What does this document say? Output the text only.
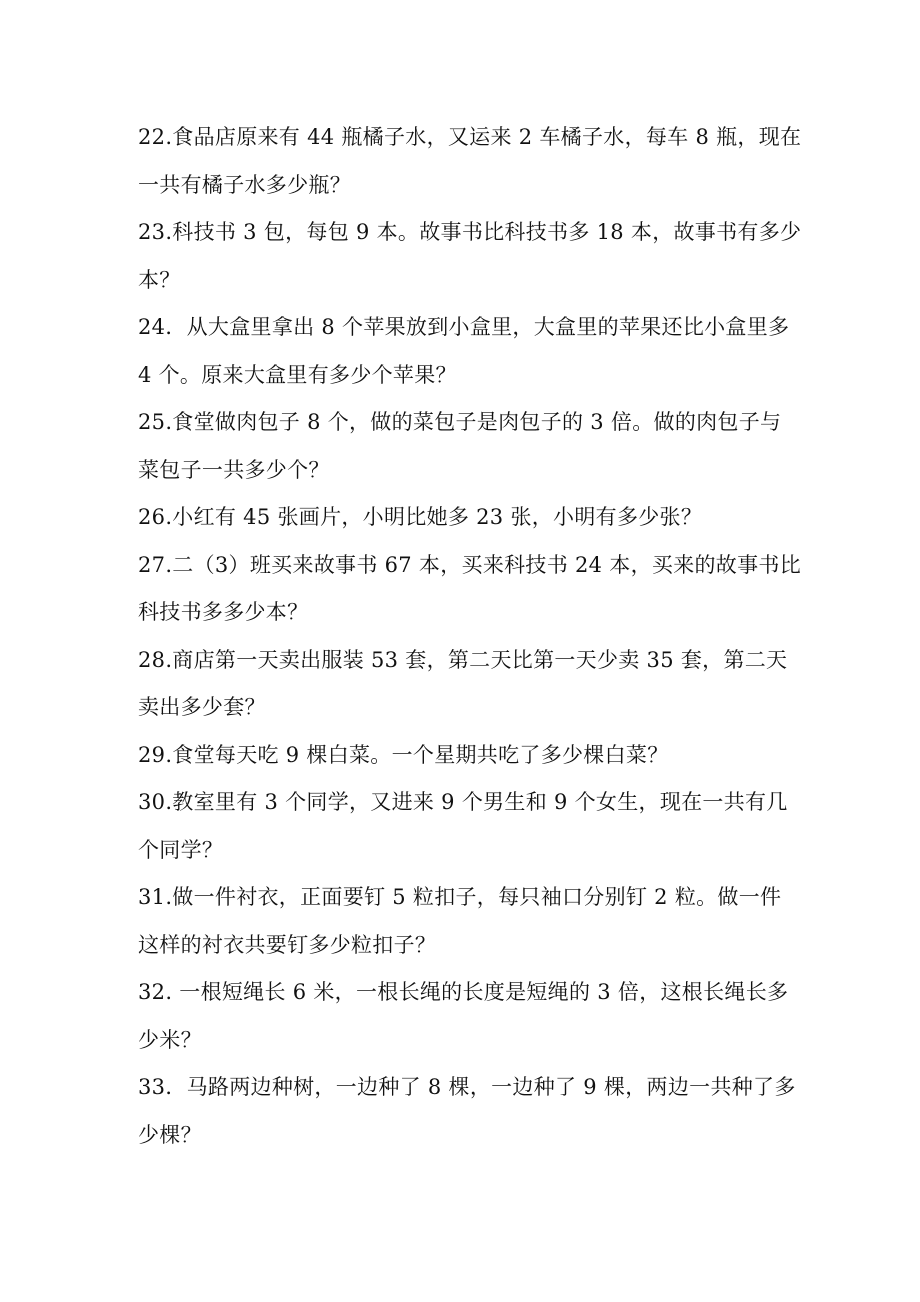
22.食品店原来有 44 瓶橘子水，又运来 2 车橘子水，每车 8 瓶，现在
一共有橘子水多少瓶？
23.科技书 3 包，每包 9 本。故事书比科技书多 18 本，故事书有多少
本？
24．从大盒里拿出 8 个苹果放到小盒里，大盒里的苹果还比小盒里多
4 个。原来大盒里有多少个苹果？
25.食堂做肉包子 8 个，做的菜包子是肉包子的 3 倍。做的肉包子与
菜包子一共多少个？
26.小红有 45 张画片，小明比她多 23 张，小明有多少张？
27.二（3）班买来故事书 67 本，买来科技书 24 本，买来的故事书比
科技书多多少本？
28.商店第一天卖出服装 53 套，第二天比第一天少卖 35 套，第二天
卖出多少套？
29.食堂每天吃 9 棵白菜。一个星期共吃了多少棵白菜？
30.教室里有 3 个同学，又进来 9 个男生和 9 个女生，现在一共有几
个同学？
31.做一件衬衣，正面要钉 5 粒扣子，每只袖口分别钉 2 粒。做一件
这样的衬衣共要钉多少粒扣子？
32. 一根短绳长 6 米，一根长绳的长度是短绳的 3 倍，这根长绳长多
少米？
33．马路两边种树，一边种了 8 棵，一边种了 9 棵，两边一共种了多
少棵？
